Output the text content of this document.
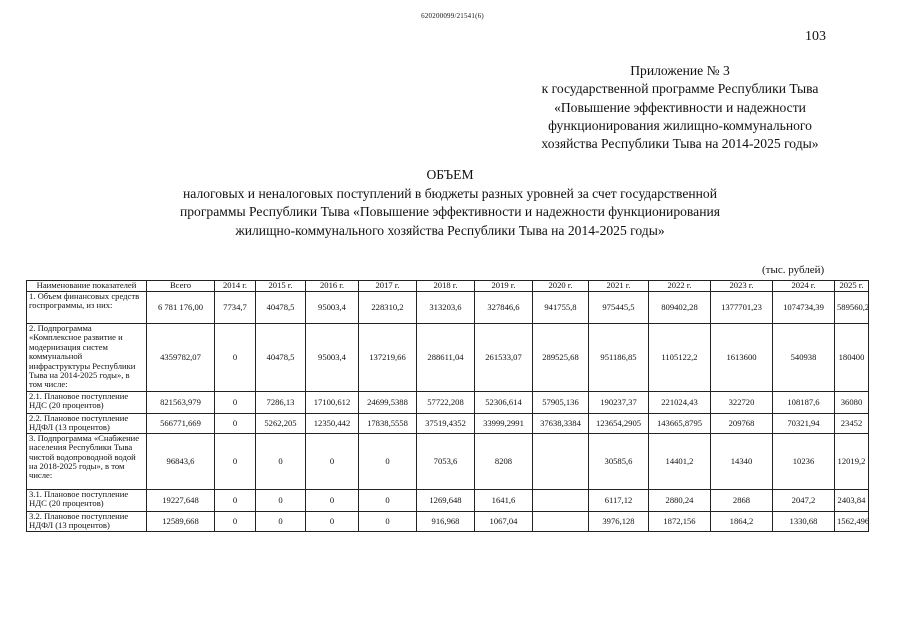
620200099/21541(6)
103
Приложение № 3
к государственной программе Республики Тыва
«Повышение эффективности и надежности
функционирования жилищно-коммунального
хозяйства Республики Тыва на 2014-2025 годы»
ОБЪЕМ
налоговых и неналоговых поступлений в бюджеты разных уровней за счет государственной
программы Республики Тыва «Повышение эффективности и надежности функционирования
жилищно-коммунального хозяйства Республики Тыва на 2014-2025 годы»
(тыс. рублей)
Наименование показателей	Всего	2014 г.	2015 г.	2016 г.	2017 г.	2018 г.	2019 г.	2020 г.	2021 г.	2022 г.	2023 г.	2024 г.	2025 г.
1. Объем финансовых средств госпрограммы, из них:	6 781 176,00	7734,7	40478,5	95003,4	228310,2	313203,6	327846,6	941755,8	975445,5	809402,28	1377701,23	1074734,39	589560,2
2. Подпрограмма «Комплексное развитие и модернизация систем коммунальной инфраструктуры Республики Тыва на 2014-2025 годы», в том числе:	4359782,07	0	40478,5	95003,4	137219,66	288611,04	261533,07	289525,68	951186,85	1105122,2	1613600	540938	180400
2.1. Плановое поступление НДС (20 процентов)	821563,979	0	7286,13	17100,612	24699,5388	57722,208	52306,614	57905,136	190237,37	221024,43	322720	108187,6	36080
2.2. Плановое поступление НДФЛ (13 процентов)	566771,669	0	5262,205	12350,442	17838,5558	37519,4352	33999,2991	37638,3384	123654,2905	143665,8795	209768	70321,94	23452
3. Подпрограмма «Снабжение населения Республики Тыва чистой водопроводной водой на 2018-2025 годы», в том числе:	96843,6	0	0	0	0	7053,6	8208		30585,6	14401,2	14340	10236	12019,2
3.1. Плановое поступление НДС (20 процентов)	19227,648	0	0	0	0	1269,648	1641,6		6117,12	2880,24	2868	2047,2	2403,84
3.2. Плановое поступление НДФЛ (13 процентов)	12589,668	0	0	0	0	916,968	1067,04		3976,128	1872,156	1864,2	1330,68	1562,496
